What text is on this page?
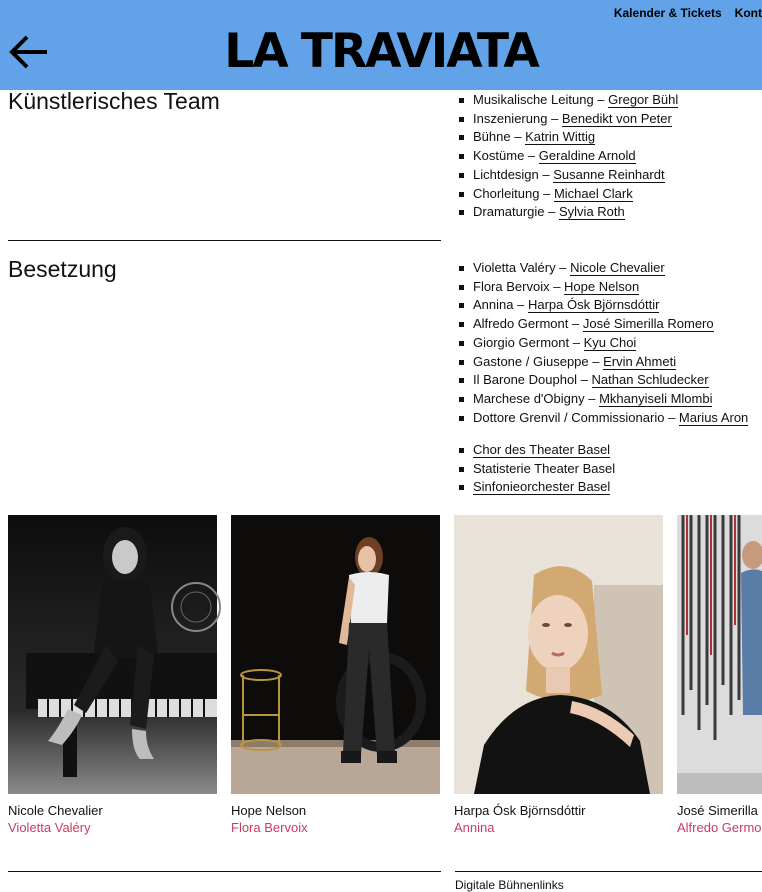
LA TRAVIATA
Kalender & Tickets Kont
Künstlerisches Team	Musikalische Leitung – Gregor Bühl
Inszenierung – Benedikt von Peter
Bühne – Katrin Wittig
Kostüme – Geraldine Arnold
Lichtdesign – Susanne Reinhardt
Chorleitung – Michael Clark
Dramaturgie – Sylvia Roth
Besetzung	Violetta Valéry – Nicole Chevalier
Flora Bervoix – Hope Nelson
Annina – Harpa Ósk Björnsdóttir
Alfredo Germont – José Simerilla Romero
Giorgio Germont – Kyu Choi
Gastone / Giuseppe – Ervin Ahmeti
Il Barone Douphol – Nathan Schludecker
Marchese d'Obigny – Mkhanyiseli Mlombi
Dottore Grenvil / Commissionario – Marius Aron
Chor des Theater Basel
Statisterie Theater Basel
Sinfonieorchester Basel
Nicole Chevalier
Violetta Valéry
Hope Nelson
Flora Bervoix
Harpa Ósk Björnsdóttir
Annina
José Simerilla
Alfredo Germo
Digitale Bühnenlinks
